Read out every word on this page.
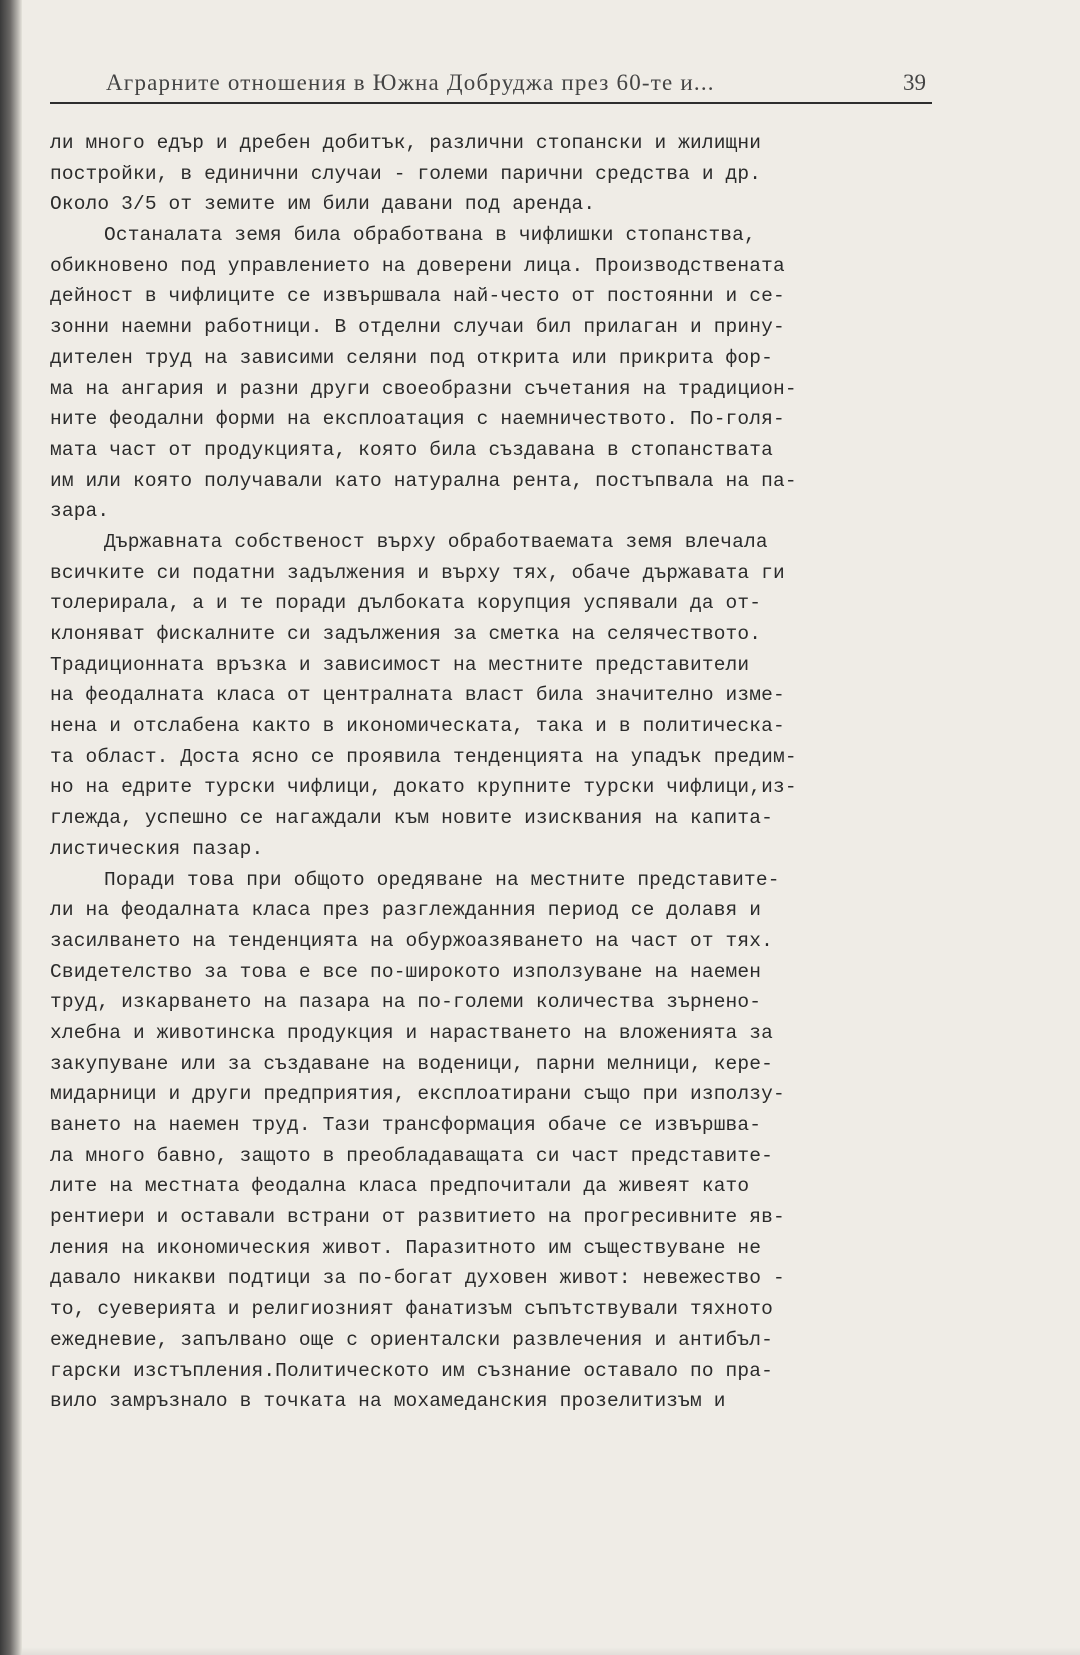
Аграрните отношения в Южна Добруджа през 60-те и...	39
ли много едър и дребен добитък, различни стопански и жилищни
постройки, в единични случаи - големи парични средства и др.
Около 3/5 от земите им били давани под аренда.
Останалата земя била обработвана в чифлишки стопанства,
обикновено под управлението на доверени лица. Производствената
дейност в чифлиците се извършвала най-често от постоянни и се-
зонни наемни работници. В отделни случаи бил прилаган и прину-
дителен труд на зависими селяни под открита или прикрита фор-
ма на ангария и разни други своеобразни съчетания на традицион-
ните феодални форми на експлоатация с наемничеството. По-голя-
мата част от продукцията, която била създавана в стопанствата
им или която получавали като натурална рента, постъпвала на па-
зара.
Държавната собственост върху обработваемата земя влечала
всичките си податни задължения и върху тях, обаче държавата ги
толерирала, а и те поради дълбоката корупция успявали да от-
клоняват фискалните си задължения за сметка на селячеството.
Традиционната връзка и зависимост на местните представители
на феодалната класа от централната власт била значително изме-
нена и отслабена както в икономическата, така и в политическа-
та област. Доста ясно се проявила тенденцията на упадък предим-
но на едрите турски чифлици, докато крупните турски чифлици,из-
глежда, успешно се нагаждали към новите изисквания на капита-
листическия пазар.
Поради това при общото оредяване на местните представите-
ли на феодалната класа през разглежданния период се долавя и
засилването на тенденцията на обуржоазяването на част от тях.
Свидетелство за това е все по-широкото използуване на наемен
труд, изкарването на пазара на по-големи количества зърнено-
хлебна и животинска продукция и нарастването на вложенията за
закупуване или за създаване на воденици, парни мелници, кере-
мидарници и други предприятия, експлоатирани също при използу-
ването на наемен труд. Тази трансформация обаче се извършва-
ла много бавно, защото в преобладаващата си част представите-
лите на местната феодална класа предпочитали да живеят като
рентиери и оставали встрани от развитието на прогресивните яв-
ления на икономическия живот. Паразитното им съществуване не
давало никакви подтици за по-богат духовен живот: невежество -
то, суеверията и религиозният фанатизъм съпътствували тяхното
ежедневие, запълвано още с ориенталски развлечения и антибъл-
гарски изстъпления.Политическото им съзнание оставало по пра-
вило замръзнало в точката на мохамеданския прозелитизъм и
